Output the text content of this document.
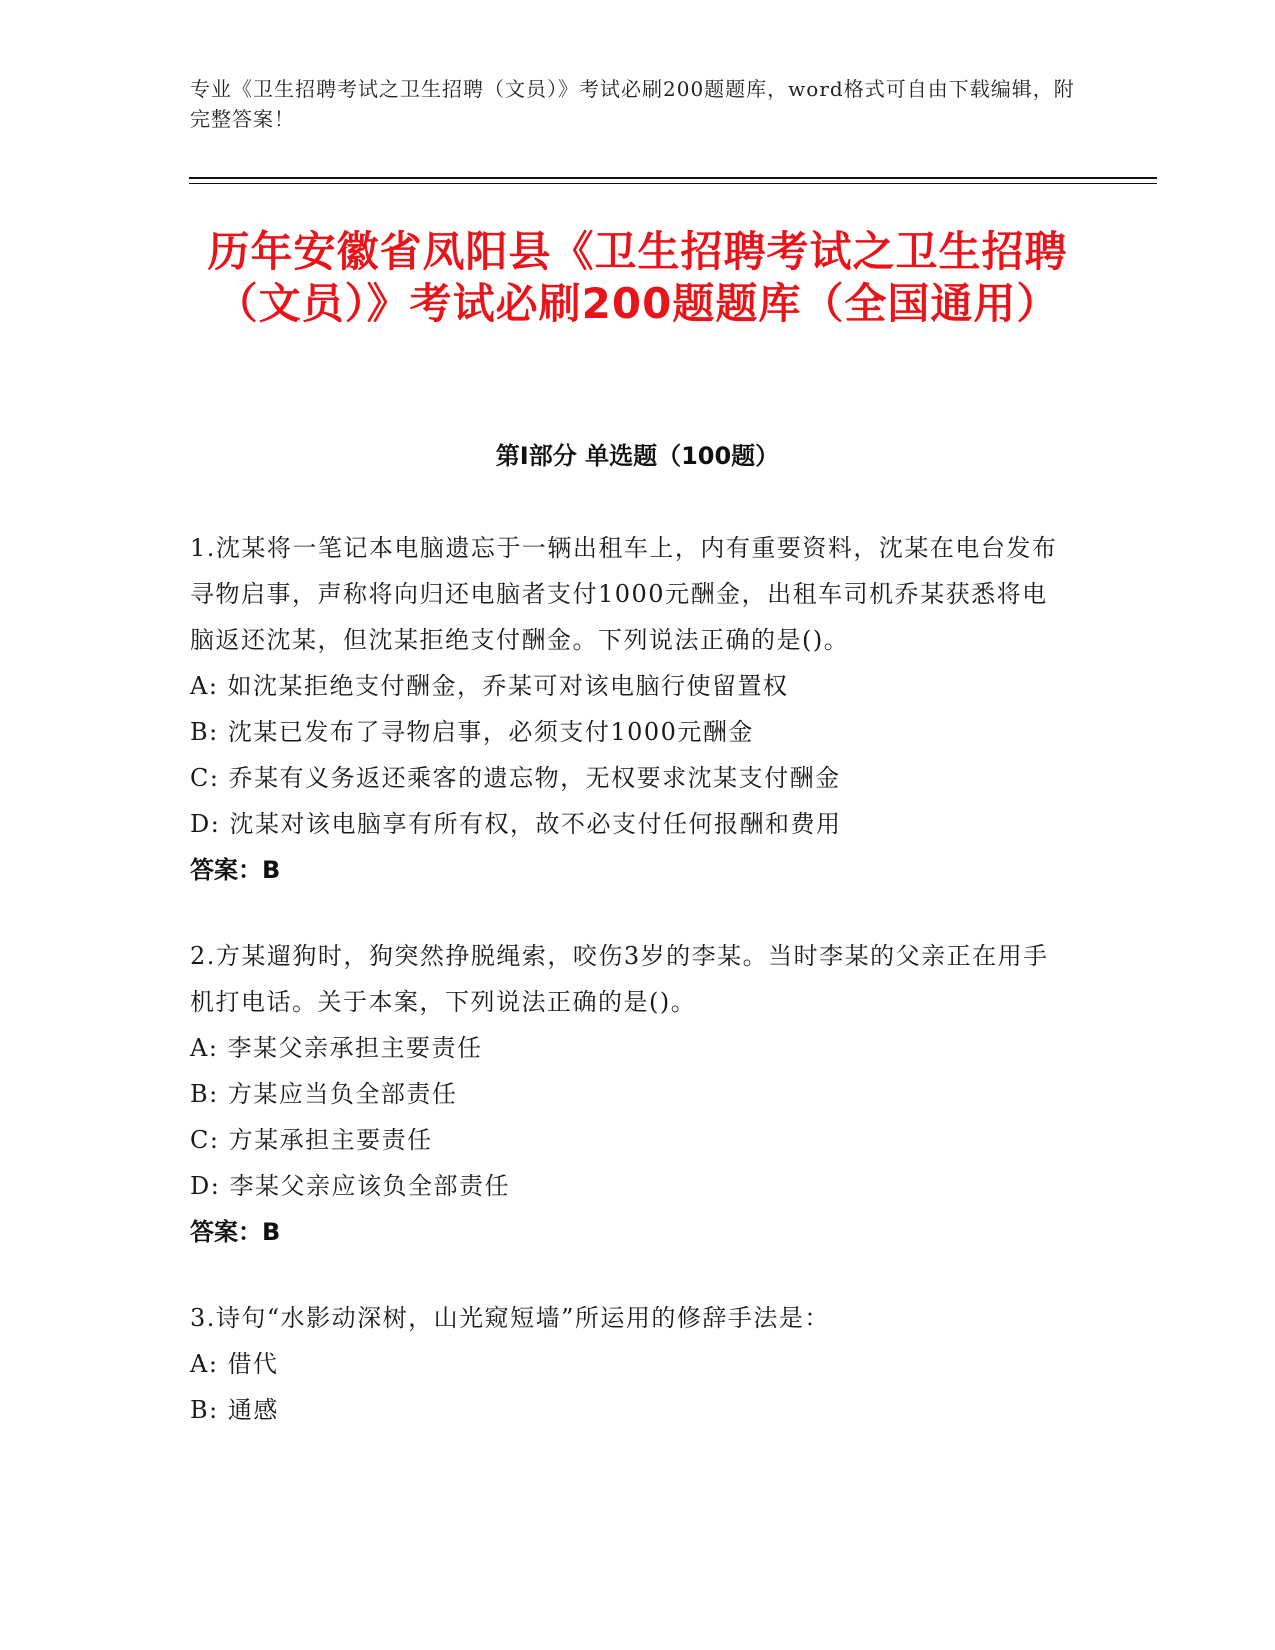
专业《卫生招聘考试之卫生招聘（文员）》考试必刷200题题库，word格式可自由下载编辑，附完整答案！
历年安徽省凤阳县《卫生招聘考试之卫生招聘（文员）》考试必刷200题题库（全国通用）
第Ⅰ部分 单选题（100题）
1.沈某将一笔记本电脑遗忘于一辆出租车上，内有重要资料，沈某在电台发布寻物启事，声称将向归还电脑者支付1000元酬金，出租车司机乔某获悉将电脑返还沈某，但沈某拒绝支付酬金。下列说法正确的是()。
A: 如沈某拒绝支付酬金，乔某可对该电脑行使留置权
B: 沈某已发布了寻物启事，必须支付1000元酬金
C: 乔某有义务返还乘客的遗忘物，无权要求沈某支付酬金
D: 沈某对该电脑享有所有权，故不必支付任何报酬和费用
答案：B
2.方某遛狗时，狗突然挣脱绳索，咬伤3岁的李某。当时李某的父亲正在用手机打电话。关于本案，下列说法正确的是()。
A: 李某父亲承担主要责任
B: 方某应当负全部责任
C: 方某承担主要责任
D: 李某父亲应该负全部责任
答案：B
3.诗句“水影动深树，山光窥短墙”所运用的修辞手法是：
A: 借代
B: 通感
